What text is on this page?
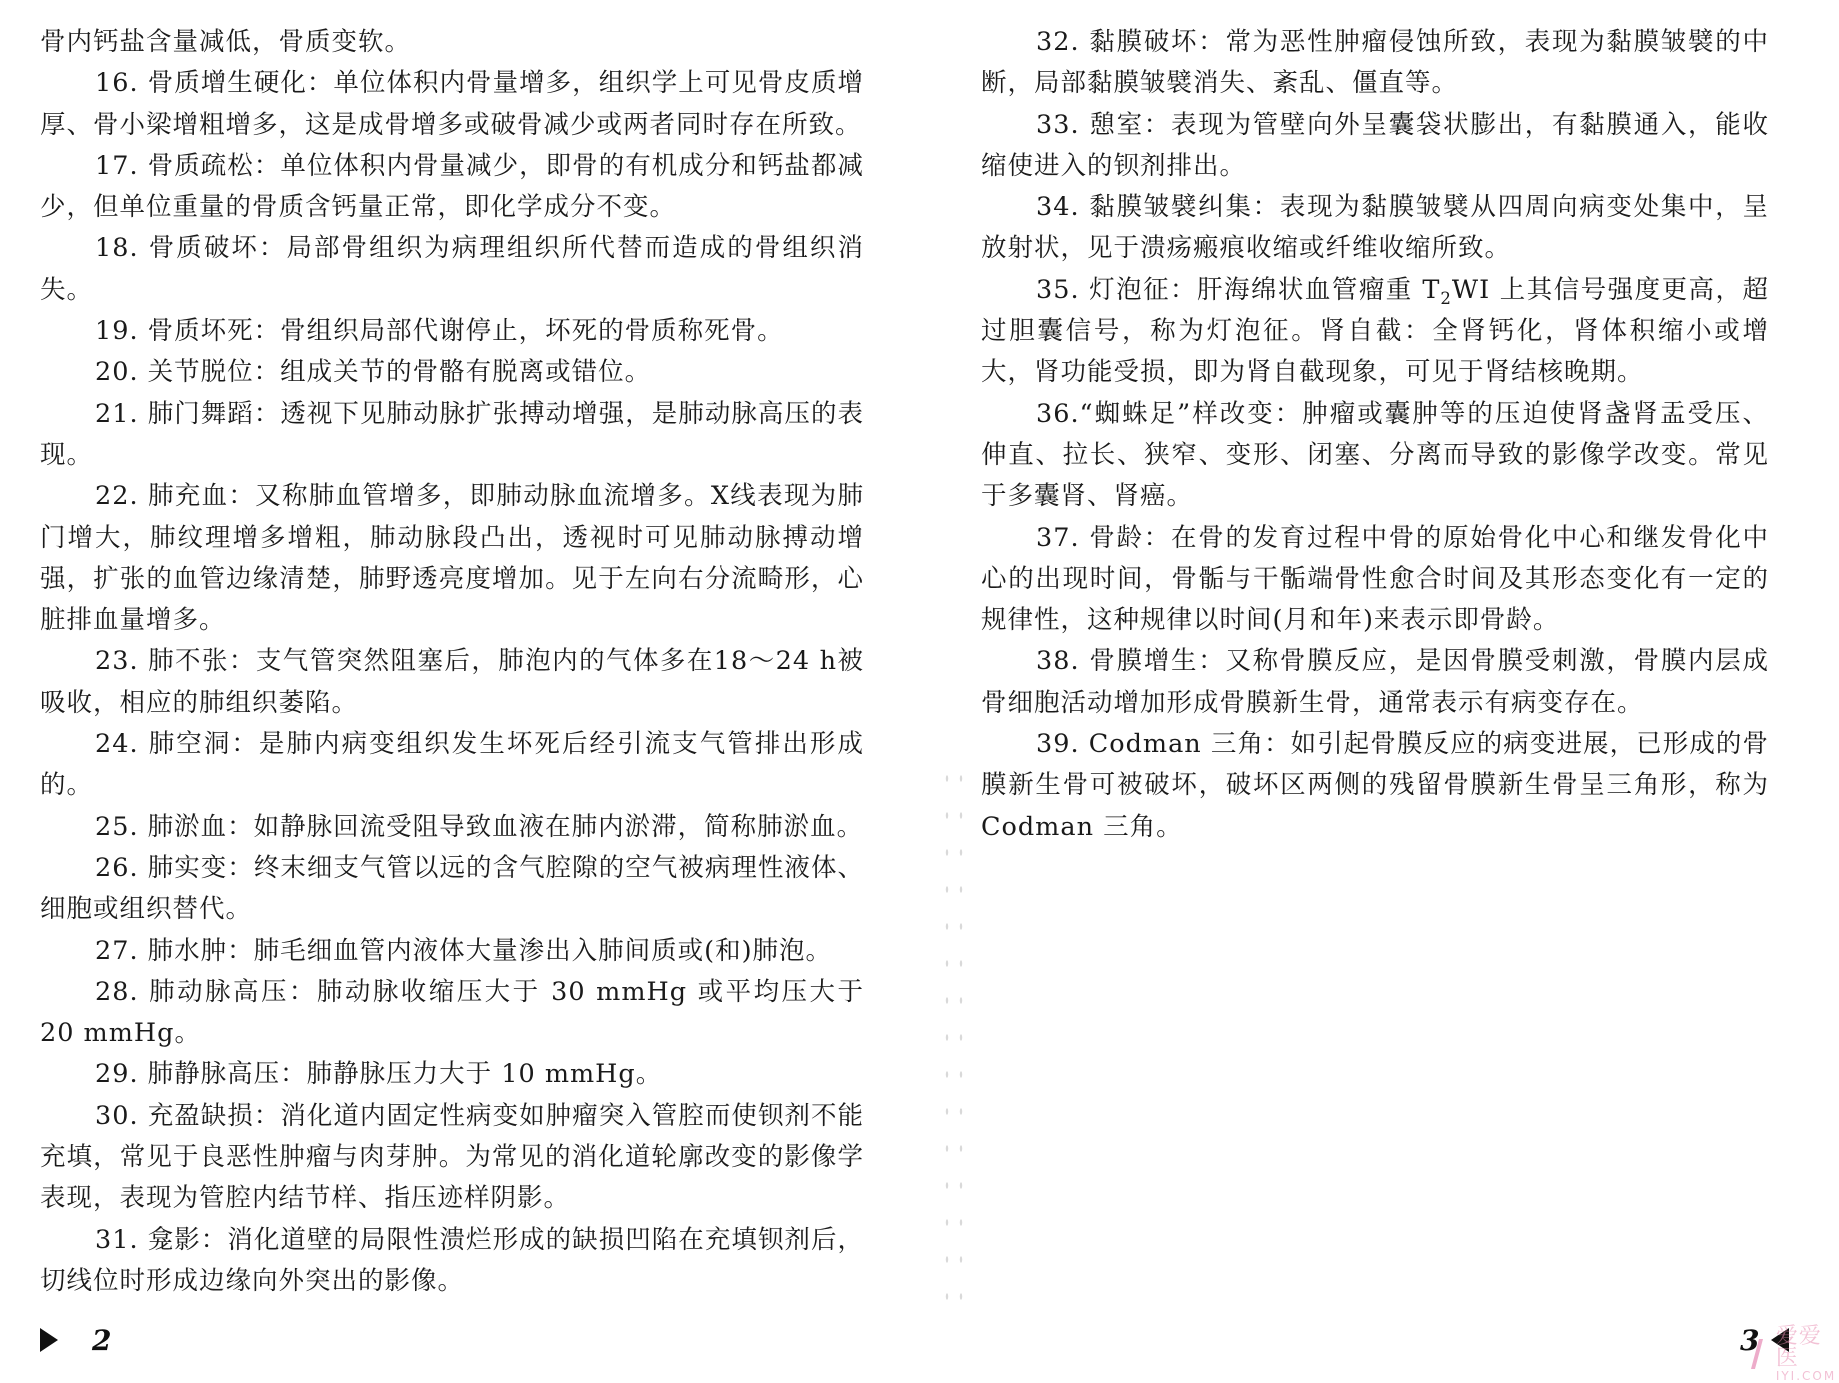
骨内钙盐含量减低，骨质变软。

16. 骨质增生硬化：单位体积内骨量增多，组织学上可见骨皮质增厚、骨小梁增粗增多，这是成骨增多或破骨减少或两者同时存在所致。

17. 骨质疏松：单位体积内骨量减少，即骨的有机成分和钙盐都减少，但单位重量的骨质含钙量正常，即化学成分不变。

18. 骨质破坏：局部骨组织为病理组织所代替而造成的骨组织消失。

19. 骨质坏死：骨组织局部代谢停止，坏死的骨质称死骨。

20. 关节脱位：组成关节的骨骼有脱离或错位。

21. 肺门舞蹈：透视下见肺动脉扩张搏动增强，是肺动脉高压的表现。

22. 肺充血：又称肺血管增多，即肺动脉血流增多。X线表现为肺门增大，肺纹理增多增粗，肺动脉段凸出，透视时可见肺动脉搏动增强，扩张的血管边缘清楚，肺野透亮度增加。见于左向右分流畸形，心脏排血量增多。

23. 肺不张：支气管突然阻塞后，肺泡内的气体多在18～24 h被吸收，相应的肺组织萎陷。

24. 肺空洞：是肺内病变组织发生坏死后经引流支气管排出形成的。

25. 肺淤血：如静脉回流受阻导致血液在肺内淤滞，简称肺淤血。

26. 肺实变：终末细支气管以远的含气腔隙的空气被病理性液体、细胞或组织替代。

27. 肺水肿：肺毛细血管内液体大量渗出入肺间质或(和)肺泡。

28. 肺动脉高压：肺动脉收缩压大于 30 mmHg 或平均压大于 20 mmHg。

29. 肺静脉高压：肺静脉压力大于 10 mmHg。

30. 充盈缺损：消化道内固定性病变如肿瘤突入管腔而使钡剂不能充填，常见于良恶性肿瘤与肉芽肿。为常见的消化道轮廓改变的影像学表现，表现为管腔内结节样、指压迹样阴影。

31. 龛影：消化道壁的局限性溃烂形成的缺损凹陷在充填钡剂后，切线位时形成边缘向外突出的影像。

32. 黏膜破坏：常为恶性肿瘤侵蚀所致，表现为黏膜皱襞的中断，局部黏膜皱襞消失、紊乱、僵直等。

33. 憩室：表现为管壁向外呈囊袋状膨出，有黏膜通入，能收缩使进入的钡剂排出。

34. 黏膜皱襞纠集：表现为黏膜皱襞从四周向病变处集中，呈放射状，见于溃疡瘢痕收缩或纤维收缩所致。

35. 灯泡征：肝海绵状血管瘤重 $T_2WI$ 上其信号强度更高，超过胆囊信号，称为灯泡征。肾自截：全肾钙化，肾体积缩小或增大，肾功能受损，即为肾自截现象，可见于肾结核晚期。

36.“蜘蛛足”样改变：肿瘤或囊肿等的压迫使肾盏肾盂受压、伸直、拉长、狭窄、变形、闭塞、分离而导致的影像学改变。常见于多囊肾、肾癌。

37. 骨龄：在骨的发育过程中骨的原始骨化中心和继发骨化中心的出现时间，骨骺与干骺端骨性愈合时间及其形态变化有一定的规律性，这种规律以时间(月和年)来表示即骨龄。

38. 骨膜增生：又称骨膜反应，是因骨膜受刺激，骨膜内层成骨细胞活动增加形成骨膜新生骨，通常表示有病变存在。

39. Codman 三角：如引起骨膜反应的病变进展，已形成的骨膜新生骨可被破坏，破坏区两侧的残留骨膜新生骨呈三角形，称为 Codman 三角。

2	3 爱爱医
IYI.COM
